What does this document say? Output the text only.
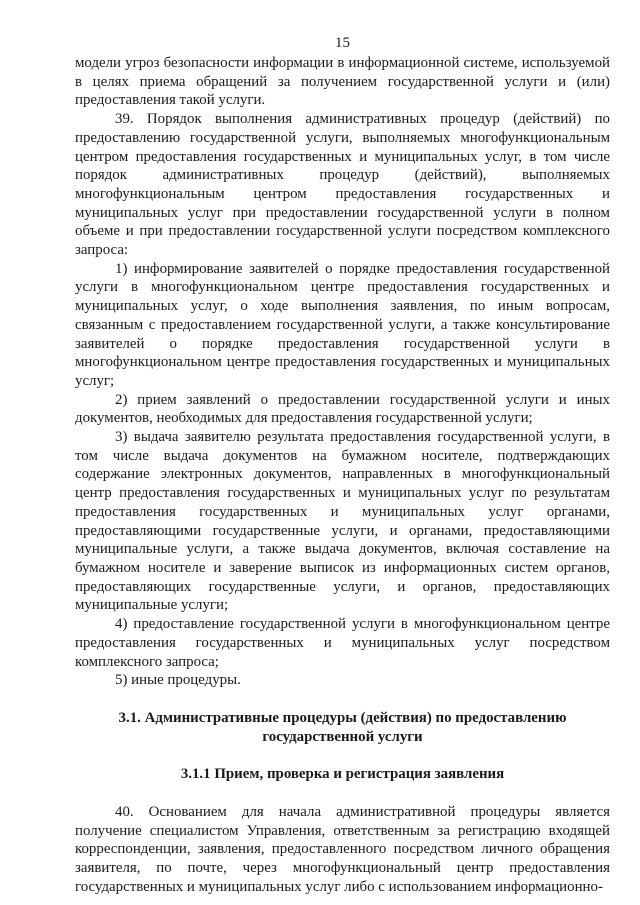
15

модели угроз безопасности информации в информационной системе, используемой в целях приема обращений за получением государственной услуги и (или) предоставления такой услуги.

39. Порядок выполнения административных процедур (действий) по предоставлению государственной услуги, выполняемых многофункциональным центром предоставления государственных и муниципальных услуг, в том числе порядок административных процедур (действий), выполняемых многофункциональным центром предоставления государственных и муниципальных услуг при предоставлении государственной услуги в полном объеме и при предоставлении государственной услуги посредством комплексного запроса:

1) информирование заявителей о порядке предоставления государственной услуги в многофункциональном центре предоставления государственных и муниципальных услуг, о ходе выполнения заявления, по иным вопросам, связанным с предоставлением государственной услуги, а также консультирование заявителей о порядке предоставления государственной услуги в многофункциональном центре предоставления государственных и муниципальных услуг;

2) прием заявлений о предоставлении государственной услуги и иных документов, необходимых для предоставления государственной услуги;

3) выдача заявителю результата предоставления государственной услуги, в том числе выдача документов на бумажном носителе, подтверждающих содержание электронных документов, направленных в многофункциональный центр предоставления государственных и муниципальных услуг по результатам предоставления государственных и муниципальных услуг органами, предоставляющими государственные услуги, и органами, предоставляющими муниципальные услуги, а также выдача документов, включая составление на бумажном носителе и заверение выписок из информационных систем органов, предоставляющих государственные услуги, и органов, предоставляющих муниципальные услуги;

4) предоставление государственной услуги в многофункциональном центре предоставления государственных и муниципальных услуг посредством комплексного запроса;

5) иные процедуры.

3.1. Административные процедуры (действия) по предоставлению государственной услуги
3.1.1 Прием, проверка и регистрация заявления

40. Основанием для начала административной процедуры является получение специалистом Управления, ответственным за регистрацию входящей корреспонденции, заявления, предоставленного посредством личного обращения заявителя, по почте, через многофункциональный центр предоставления государственных и муниципальных услуг либо с использованием информационно-
